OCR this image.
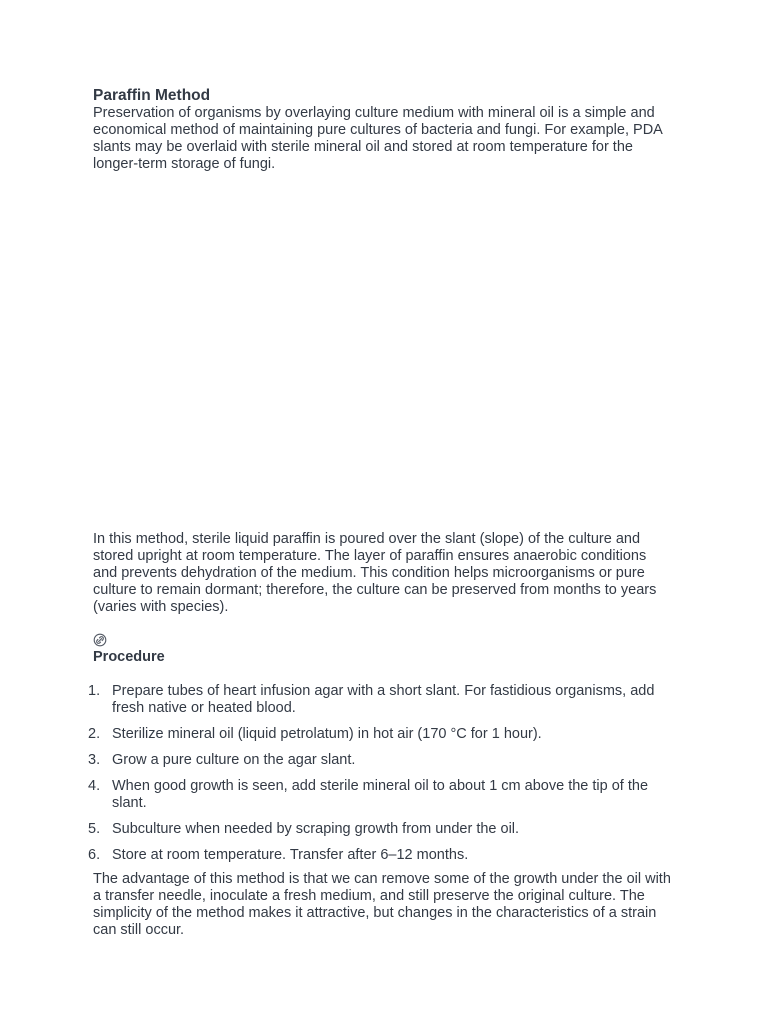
Paraffin Method

Preservation of organisms by overlaying culture medium with mineral oil is a simple and economical method of maintaining pure cultures of bacteria and fungi. For example, PDA slants may be overlaid with sterile mineral oil and stored at room temperature for the longer-term storage of fungi.

In this method, sterile liquid paraffin is poured over the slant (slope) of the culture and stored upright at room temperature. The layer of paraffin ensures anaerobic conditions and prevents dehydration of the medium. This condition helps microorganisms or pure culture to remain dormant; therefore, the culture can be preserved from months to years (varies with species).

Procedure
1. Prepare tubes of heart infusion agar with a short slant. For fastidious organisms, add fresh native or heated blood.
2. Sterilize mineral oil (liquid petrolatum) in hot air (170 °C for 1 hour).
3. Grow a pure culture on the agar slant.
4. When good growth is seen, add sterile mineral oil to about 1 cm above the tip of the slant.
5. Subculture when needed by scraping growth from under the oil.
6. Store at room temperature. Transfer after 6–12 months.

The advantage of this method is that we can remove some of the growth under the oil with a transfer needle, inoculate a fresh medium, and still preserve the original culture. The simplicity of the method makes it attractive, but changes in the characteristics of a strain can still occur.
